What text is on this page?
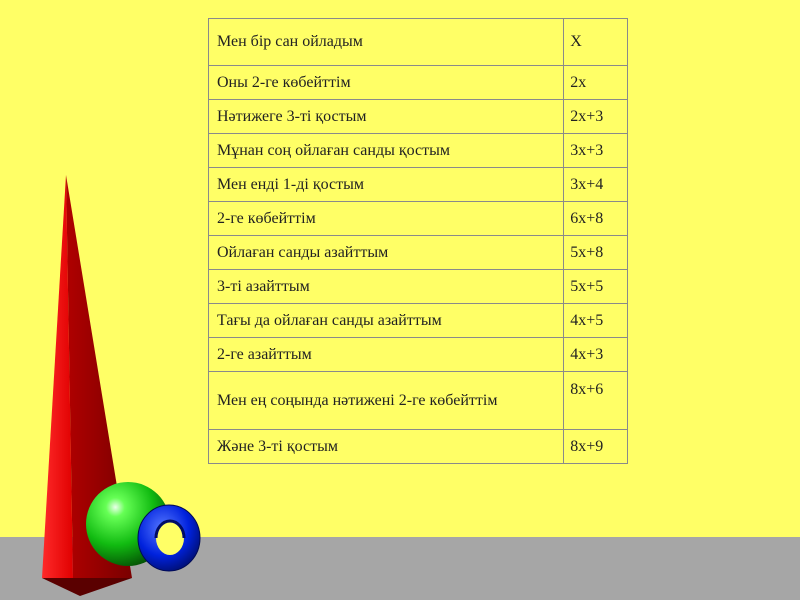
Мен бір сан ойладым	Х
Оны 2-ге көбейттім	2х
Нәтижеге 3-ті қостым	2х+3
Мұнан соң ойлаған санды қостым	3х+3
Мен енді 1-ді қостым	3х+4
2-ге көбейттім	6х+8
Ойлаған санды азайттым	5х+8
3-ті азайттым	5х+5
Тағы да ойлаған санды азайттым	4х+5
2-ге азайттым	4х+3
Мен ең соңында нәтижені 2-ге көбейттім	8х+6
Және 3-ті қостым	8х+9
